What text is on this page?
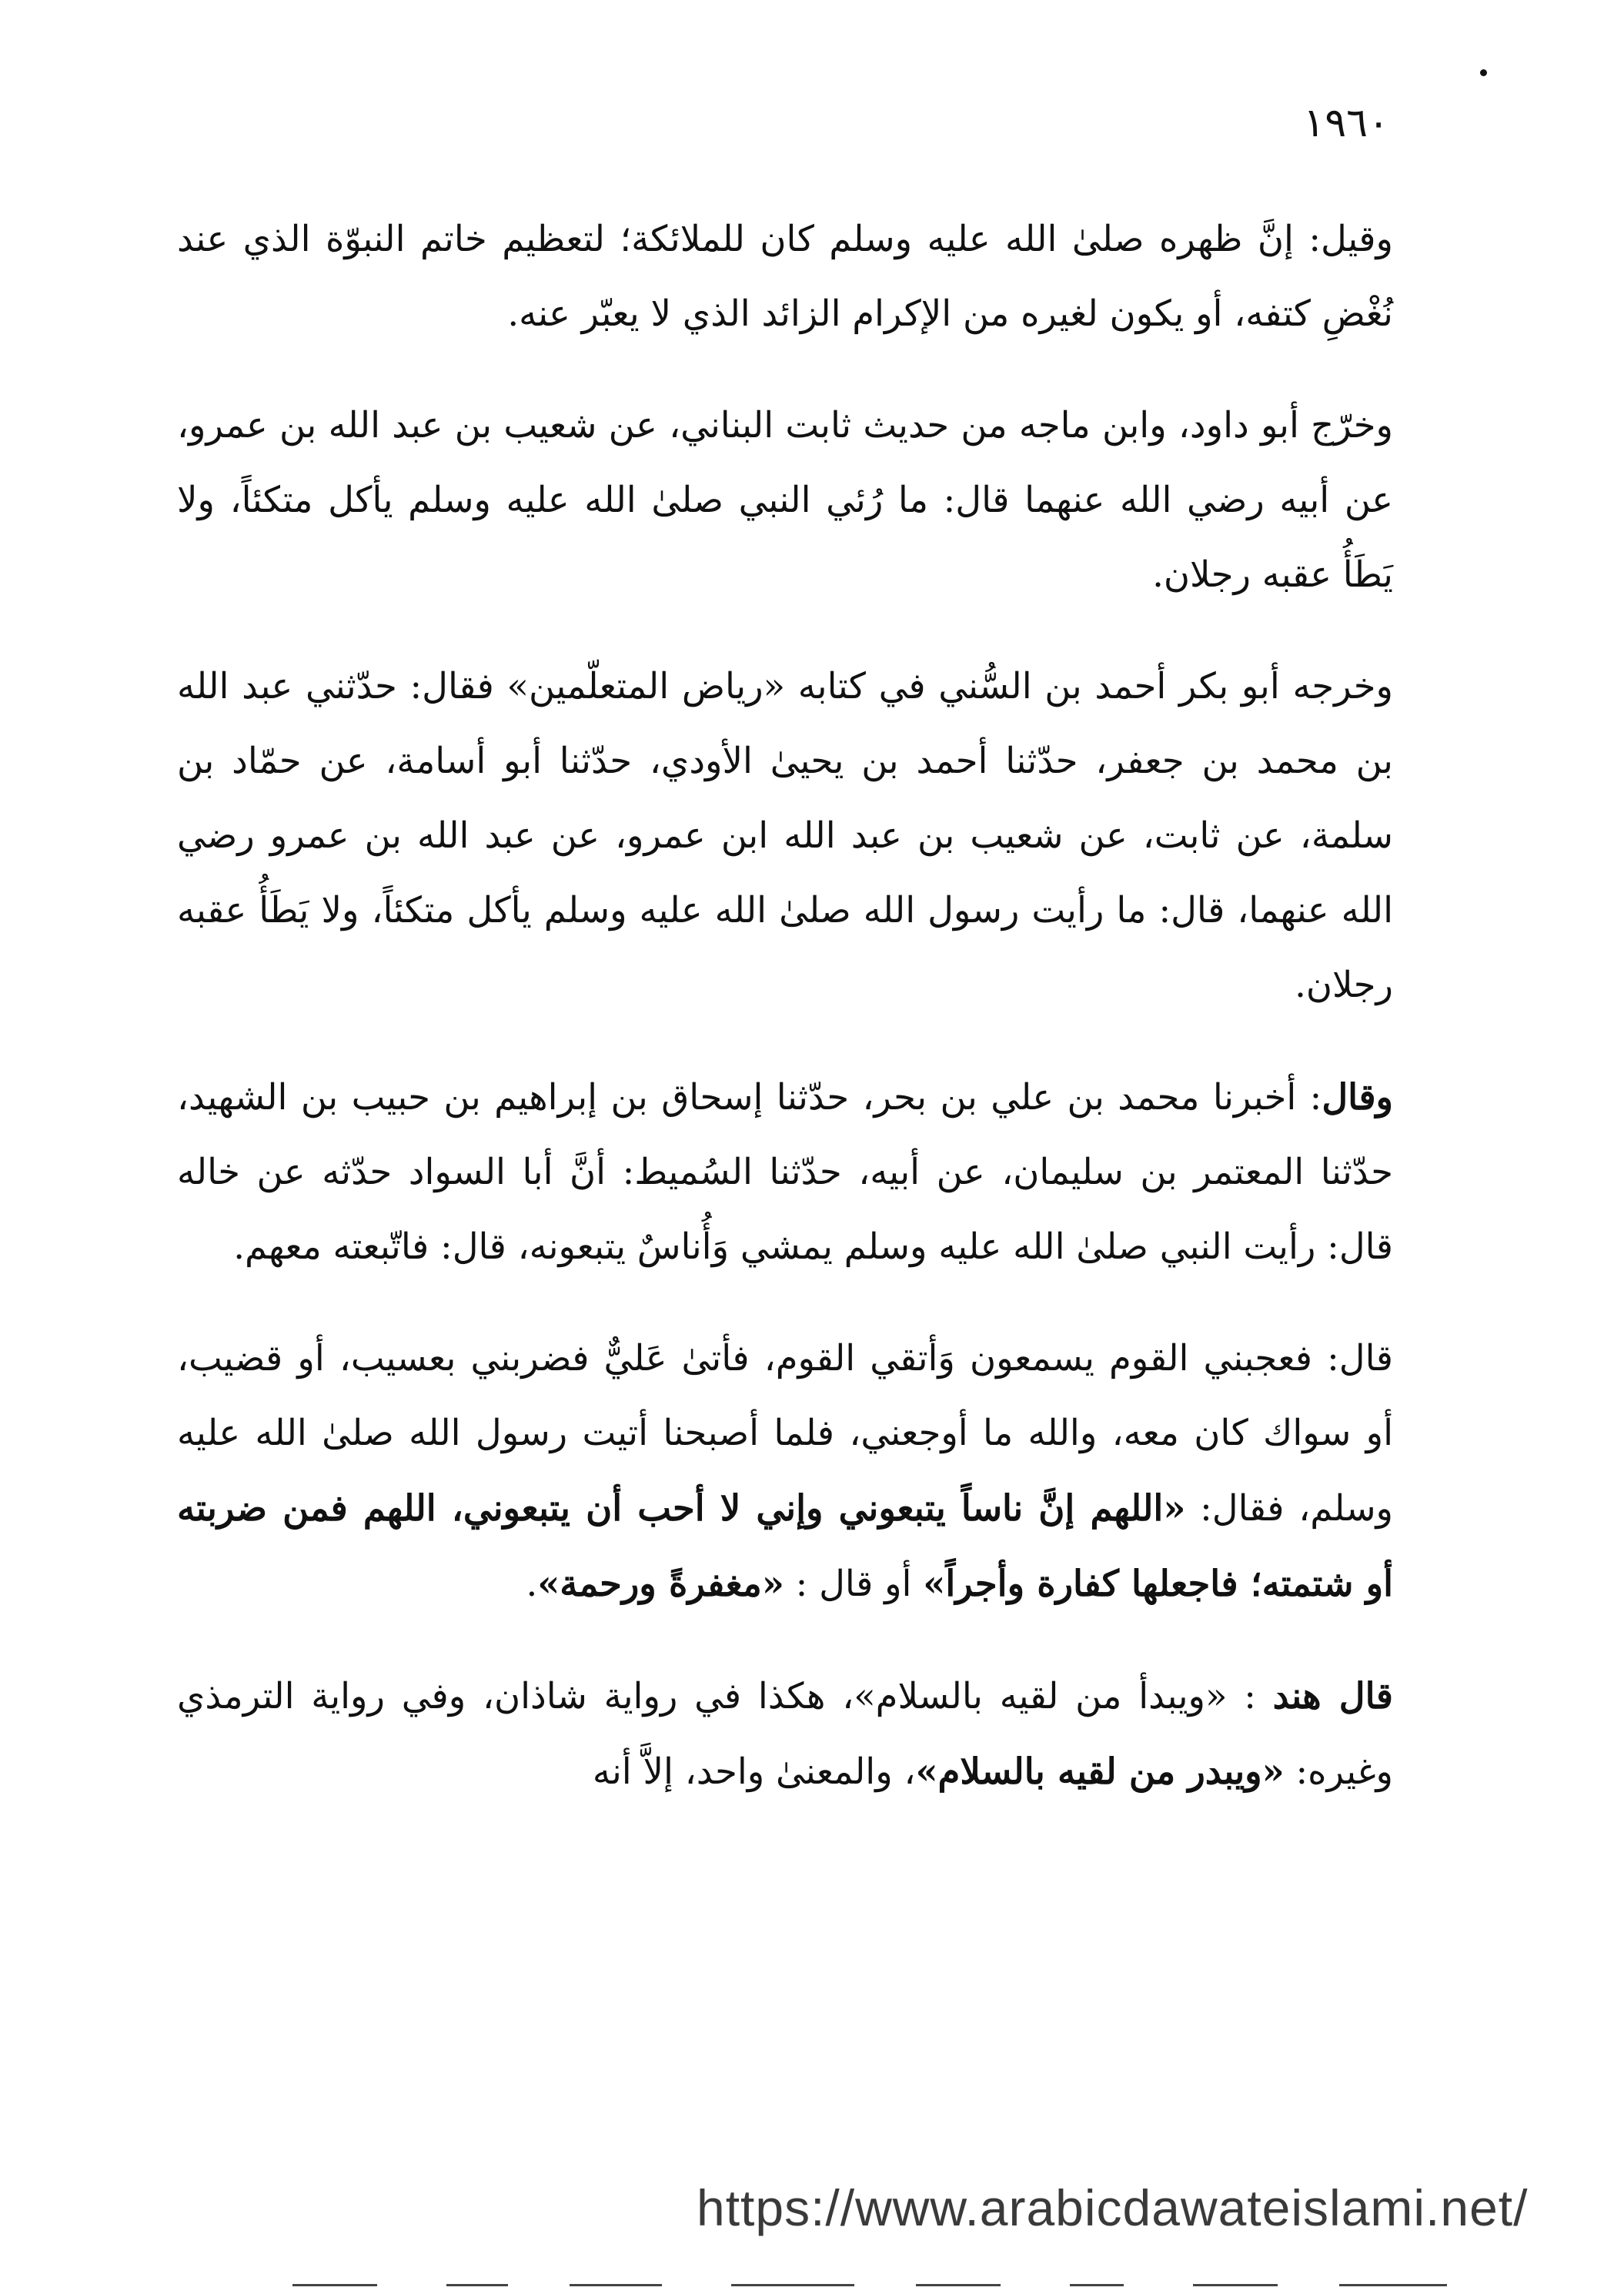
١٩٦٠

وقيل: إنَّ ظهره صلىٰ الله عليه وسلم كان للملائكة؛ لتعظيم خاتم النبوّة الذي عند نُغْضِ كتفه، أو يكون لغيره من الإكرام الزائد الذي لا يعبّر عنه.

وخرّج أبو داود، وابن ماجه من حديث ثابت البناني، عن شعيب بن عبد الله بن عمرو، عن أبيه رضي الله عنهما قال: ما رُئي النبي صلىٰ الله عليه وسلم يأكل متكئاً، ولا يَطَأُ عقبه رجلان.

وخرجه أبو بكر أحمد بن السُّني في كتابه «رياض المتعلّمين» فقال: حدّثني عبد الله بن محمد بن جعفر، حدّثنا أحمد بن يحيىٰ الأودي، حدّثنا أبو أسامة، عن حمّاد بن سلمة، عن ثابت، عن شعيب بن عبد الله ابن عمرو، عن عبد الله بن عمرو رضي الله عنهما، قال: ما رأيت رسول الله صلىٰ الله عليه وسلم يأكل متكئاً، ولا يَطَأُ عقبه رجلان.

وقال: أخبرنا محمد بن علي بن بحر، حدّثنا إسحاق بن إبراهيم بن حبيب بن الشهيد، حدّثنا المعتمر بن سليمان، عن أبيه، حدّثنا السُميط: أنَّ أبا السواد حدّثه عن خاله قال: رأيت النبي صلىٰ الله عليه وسلم يمشي وَأُناسٌ يتبعونه، قال: فاتّبعته معهم.

قال: فعجبني القوم يسمعون وَأتقي القوم، فأتىٰ عَليٌّ فضربني بعسيب، أو قضيب، أو سواك كان معه، والله ما أوجعني، فلما أصبحنا أتيت رسول الله صلىٰ الله عليه وسلم، فقال: «اللهم إنَّ ناساً يتبعوني وإني لا أحب أن يتبعوني، اللهم فمن ضربته أو شتمته؛ فاجعلها كفارة وأجراً» أو قال : «مغفرةً ورحمة».

قال هند : «ويبدأ من لقيه بالسلام»، هكذا في رواية شاذان، وفي رواية الترمذي وغيره: «ويبدر من لقيه بالسلام»، والمعنىٰ واحد، إلاَّ أنه

https://www.arabicdawateislami.net/
